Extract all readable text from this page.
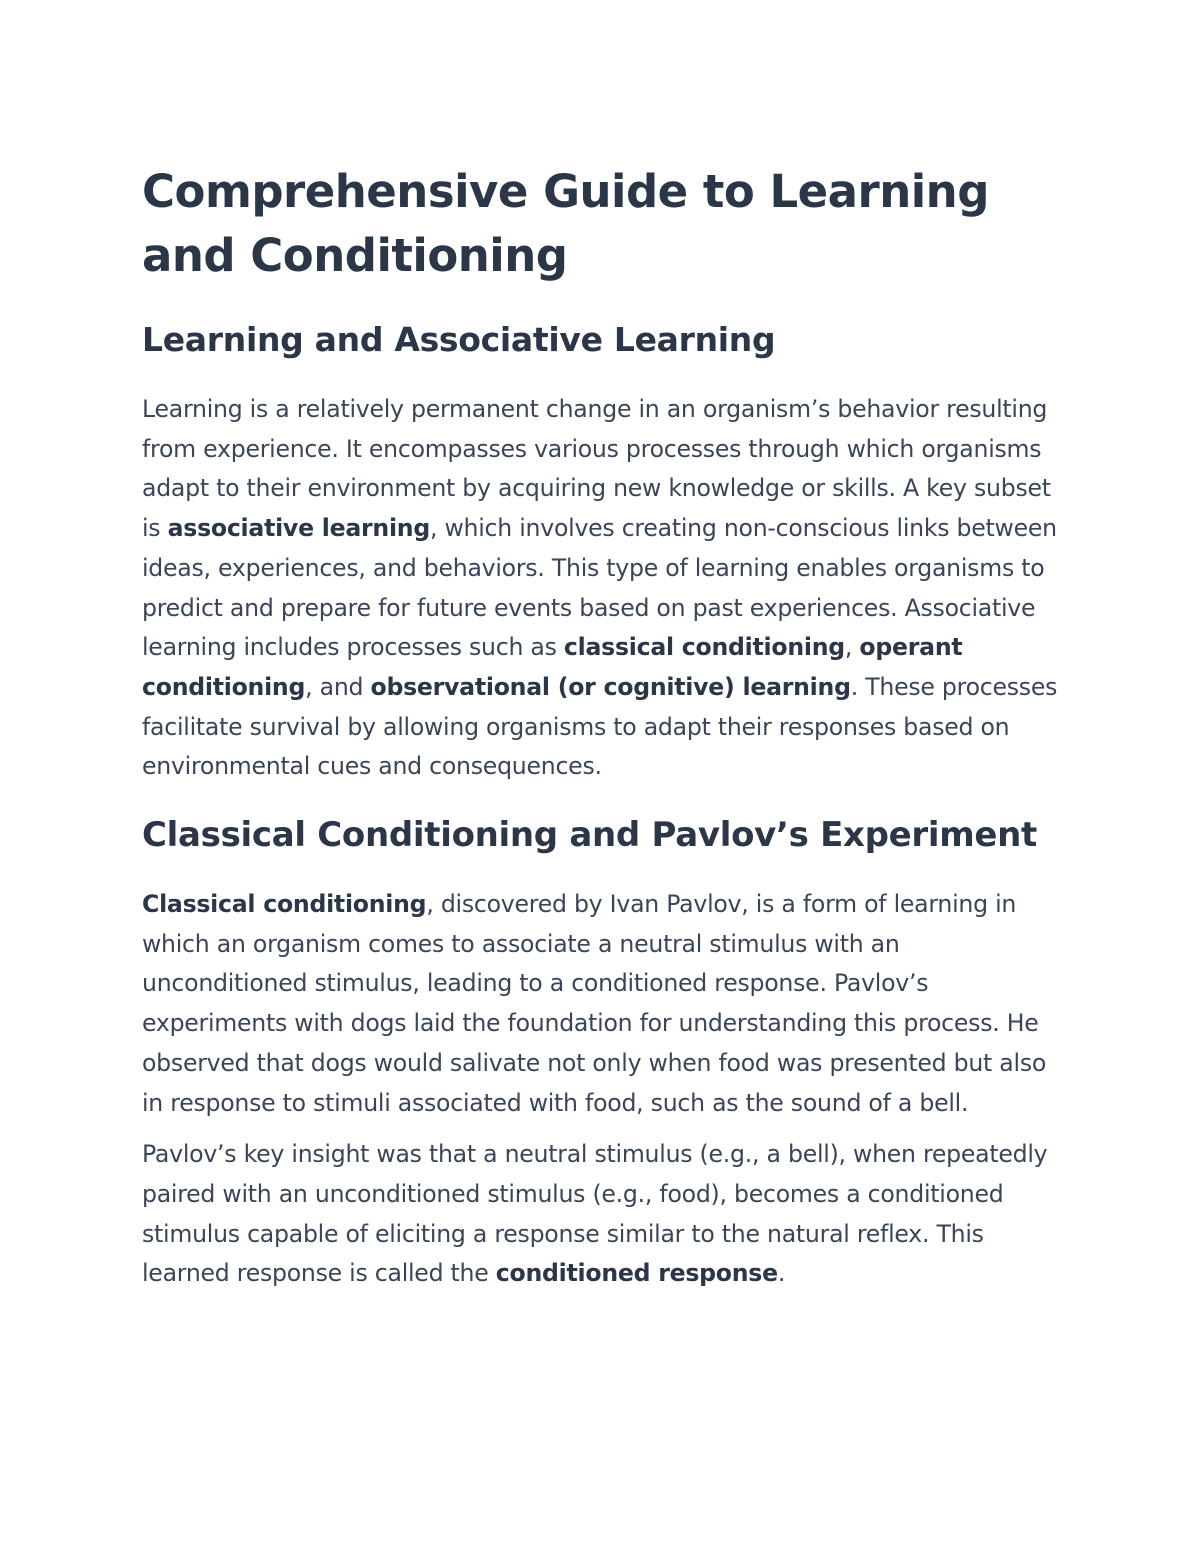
Comprehensive Guide to Learning and Conditioning
Learning and Associative Learning

Learning is a relatively permanent change in an organism’s behavior resulting from experience. It encompasses various processes through which organisms adapt to their environment by acquiring new knowledge or skills. A key subset is associative learning, which involves creating non-conscious links between ideas, experiences, and behaviors. This type of learning enables organisms to predict and prepare for future events based on past experiences. Associative learning includes processes such as classical conditioning, operant conditioning, and observational (or cognitive) learning. These processes facilitate survival by allowing organisms to adapt their responses based on environmental cues and consequences.

Classical Conditioning and Pavlov’s Experiment

Classical conditioning, discovered by Ivan Pavlov, is a form of learning in which an organism comes to associate a neutral stimulus with an unconditioned stimulus, leading to a conditioned response. Pavlov’s experiments with dogs laid the foundation for understanding this process. He observed that dogs would salivate not only when food was presented but also in response to stimuli associated with food, such as the sound of a bell.

Pavlov’s key insight was that a neutral stimulus (e.g., a bell), when repeatedly paired with an unconditioned stimulus (e.g., food), becomes a conditioned stimulus capable of eliciting a response similar to the natural reflex. This learned response is called the conditioned response.
